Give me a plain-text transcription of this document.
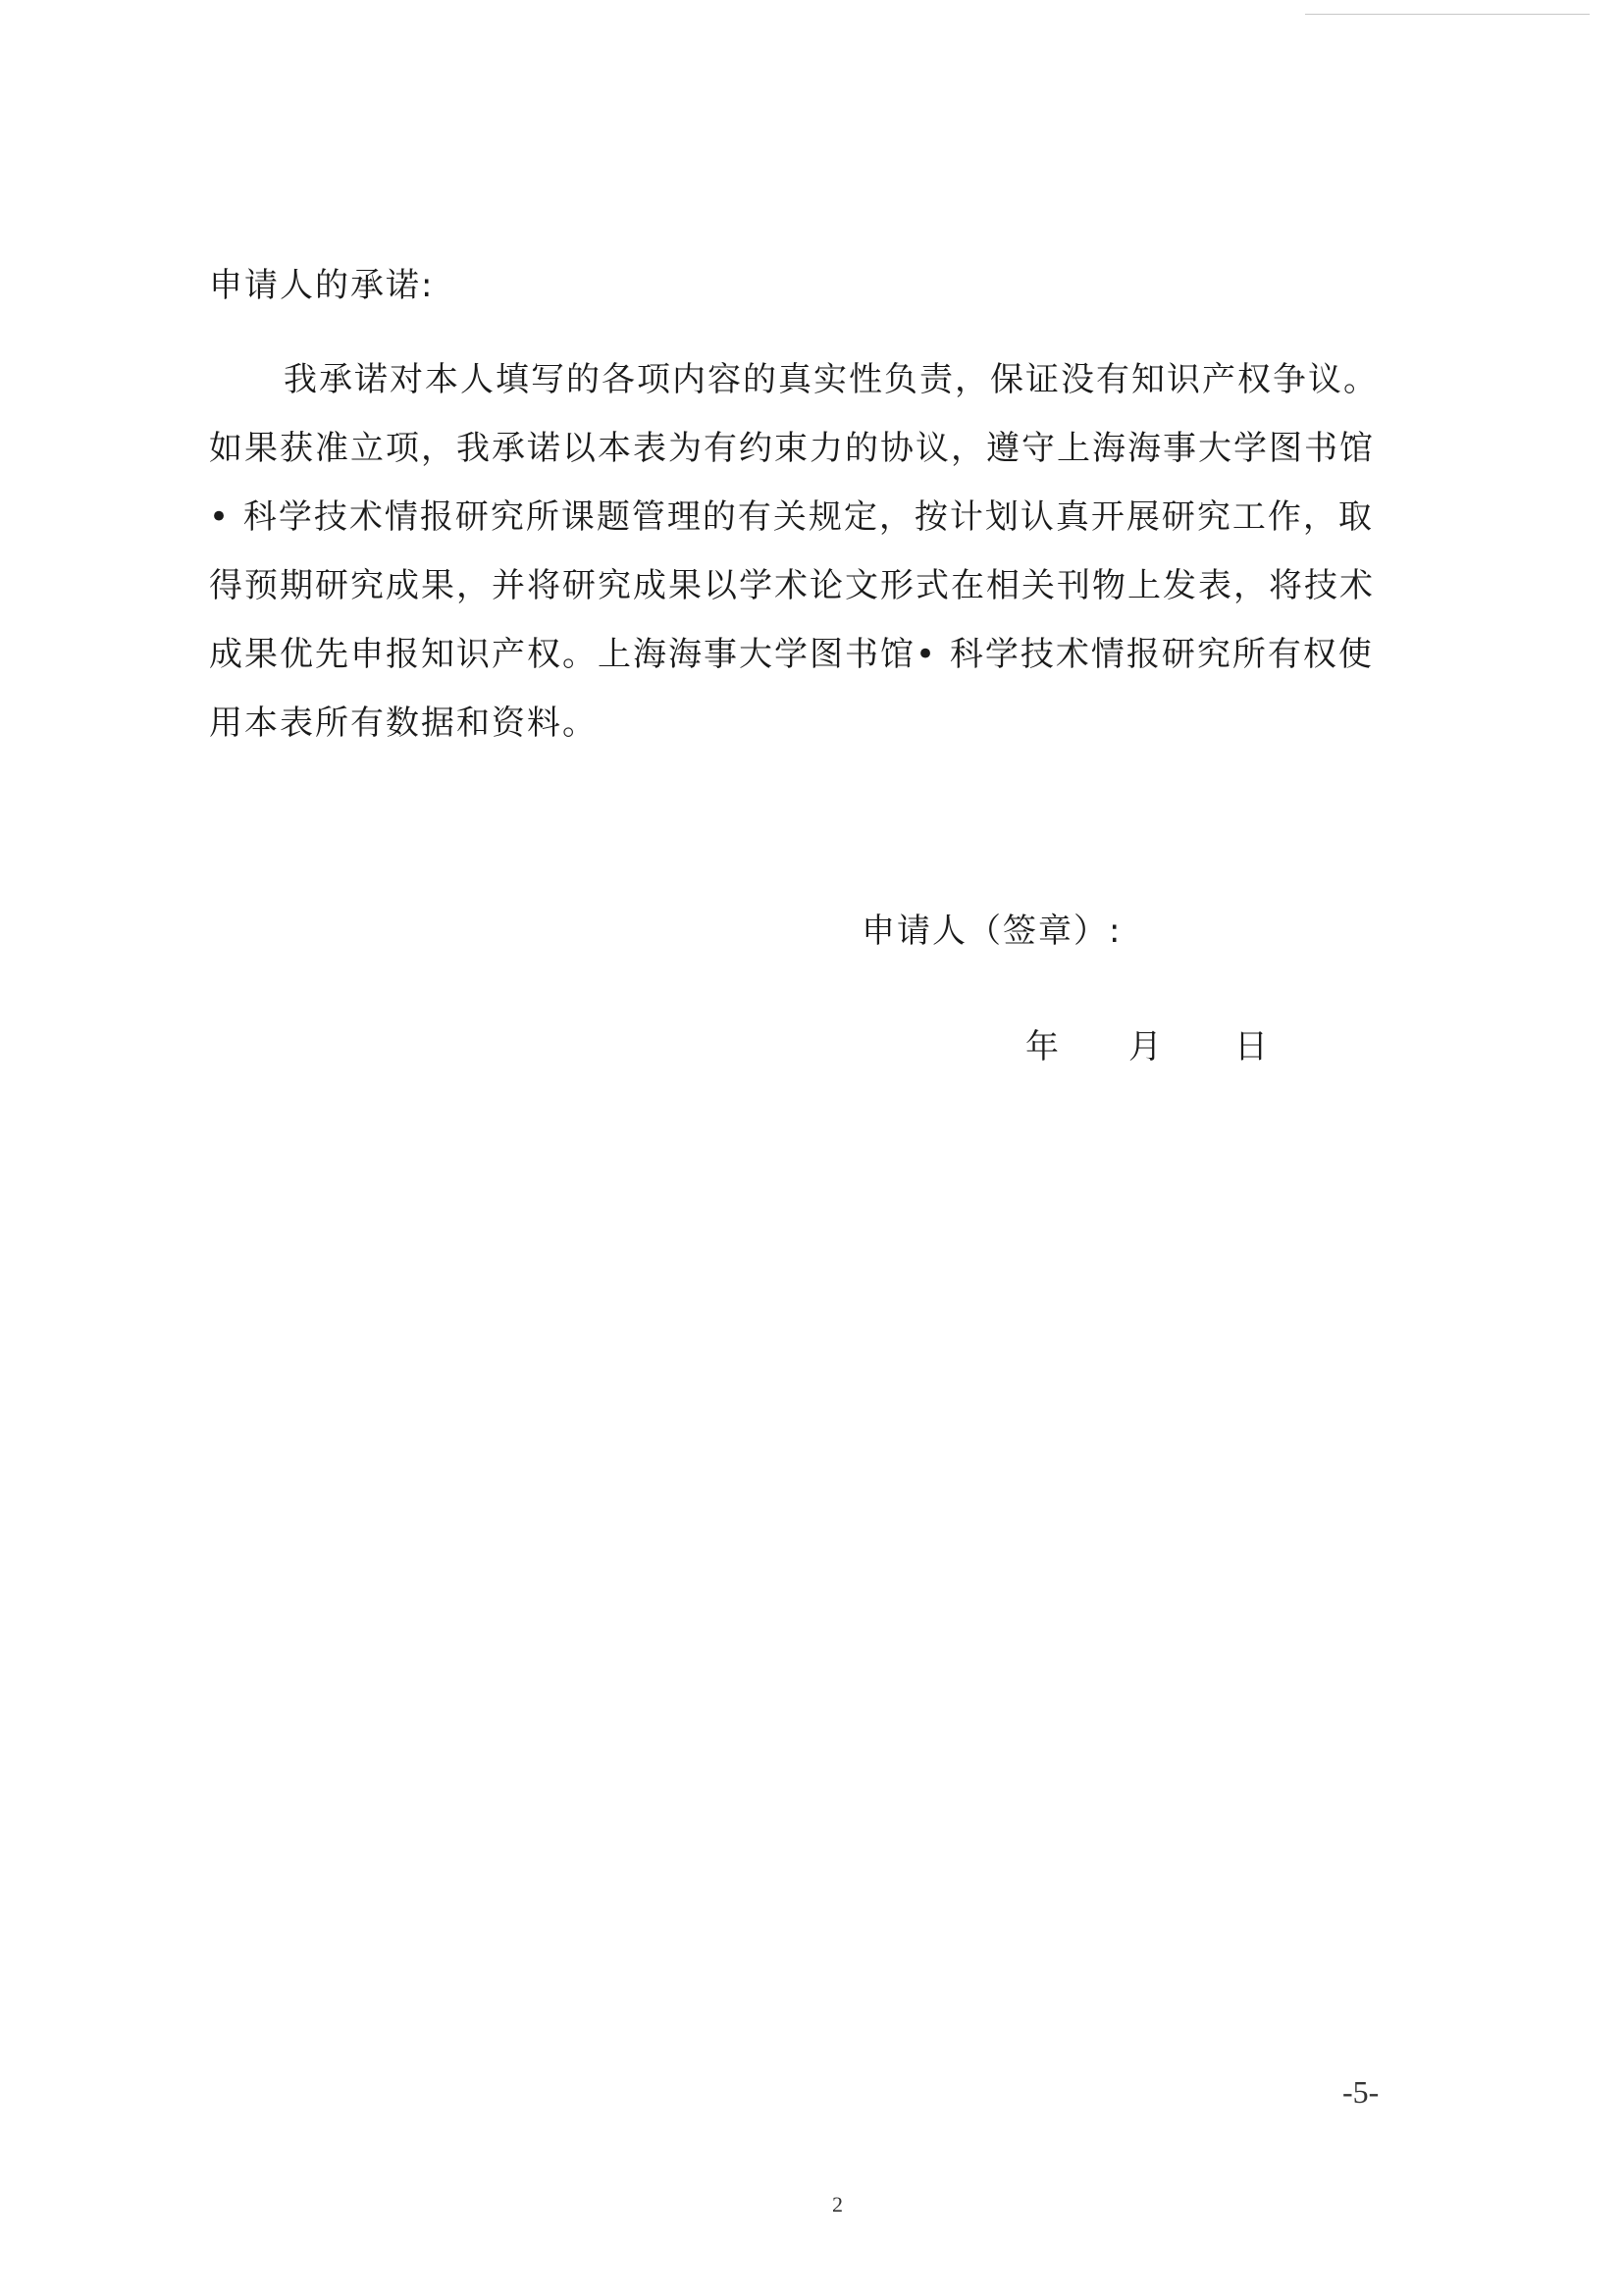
申请人的承诺:
我承诺对本人填写的各项内容的真实性负责，保证没有知识产权争议。
如果获准立项，我承诺以本表为有约束力的协议，遵守上海海事大学图书馆
• 科学技术情报研究所课题管理的有关规定，按计划认真开展研究工作，取
得预期研究成果，并将研究成果以学术论文形式在相关刊物上发表，将技术
成果优先申报知识产权。上海海事大学图书馆• 科学技术情报研究所有权使
用本表所有数据和资料。
申请人（签章）:
年 月 日
-5-
2
